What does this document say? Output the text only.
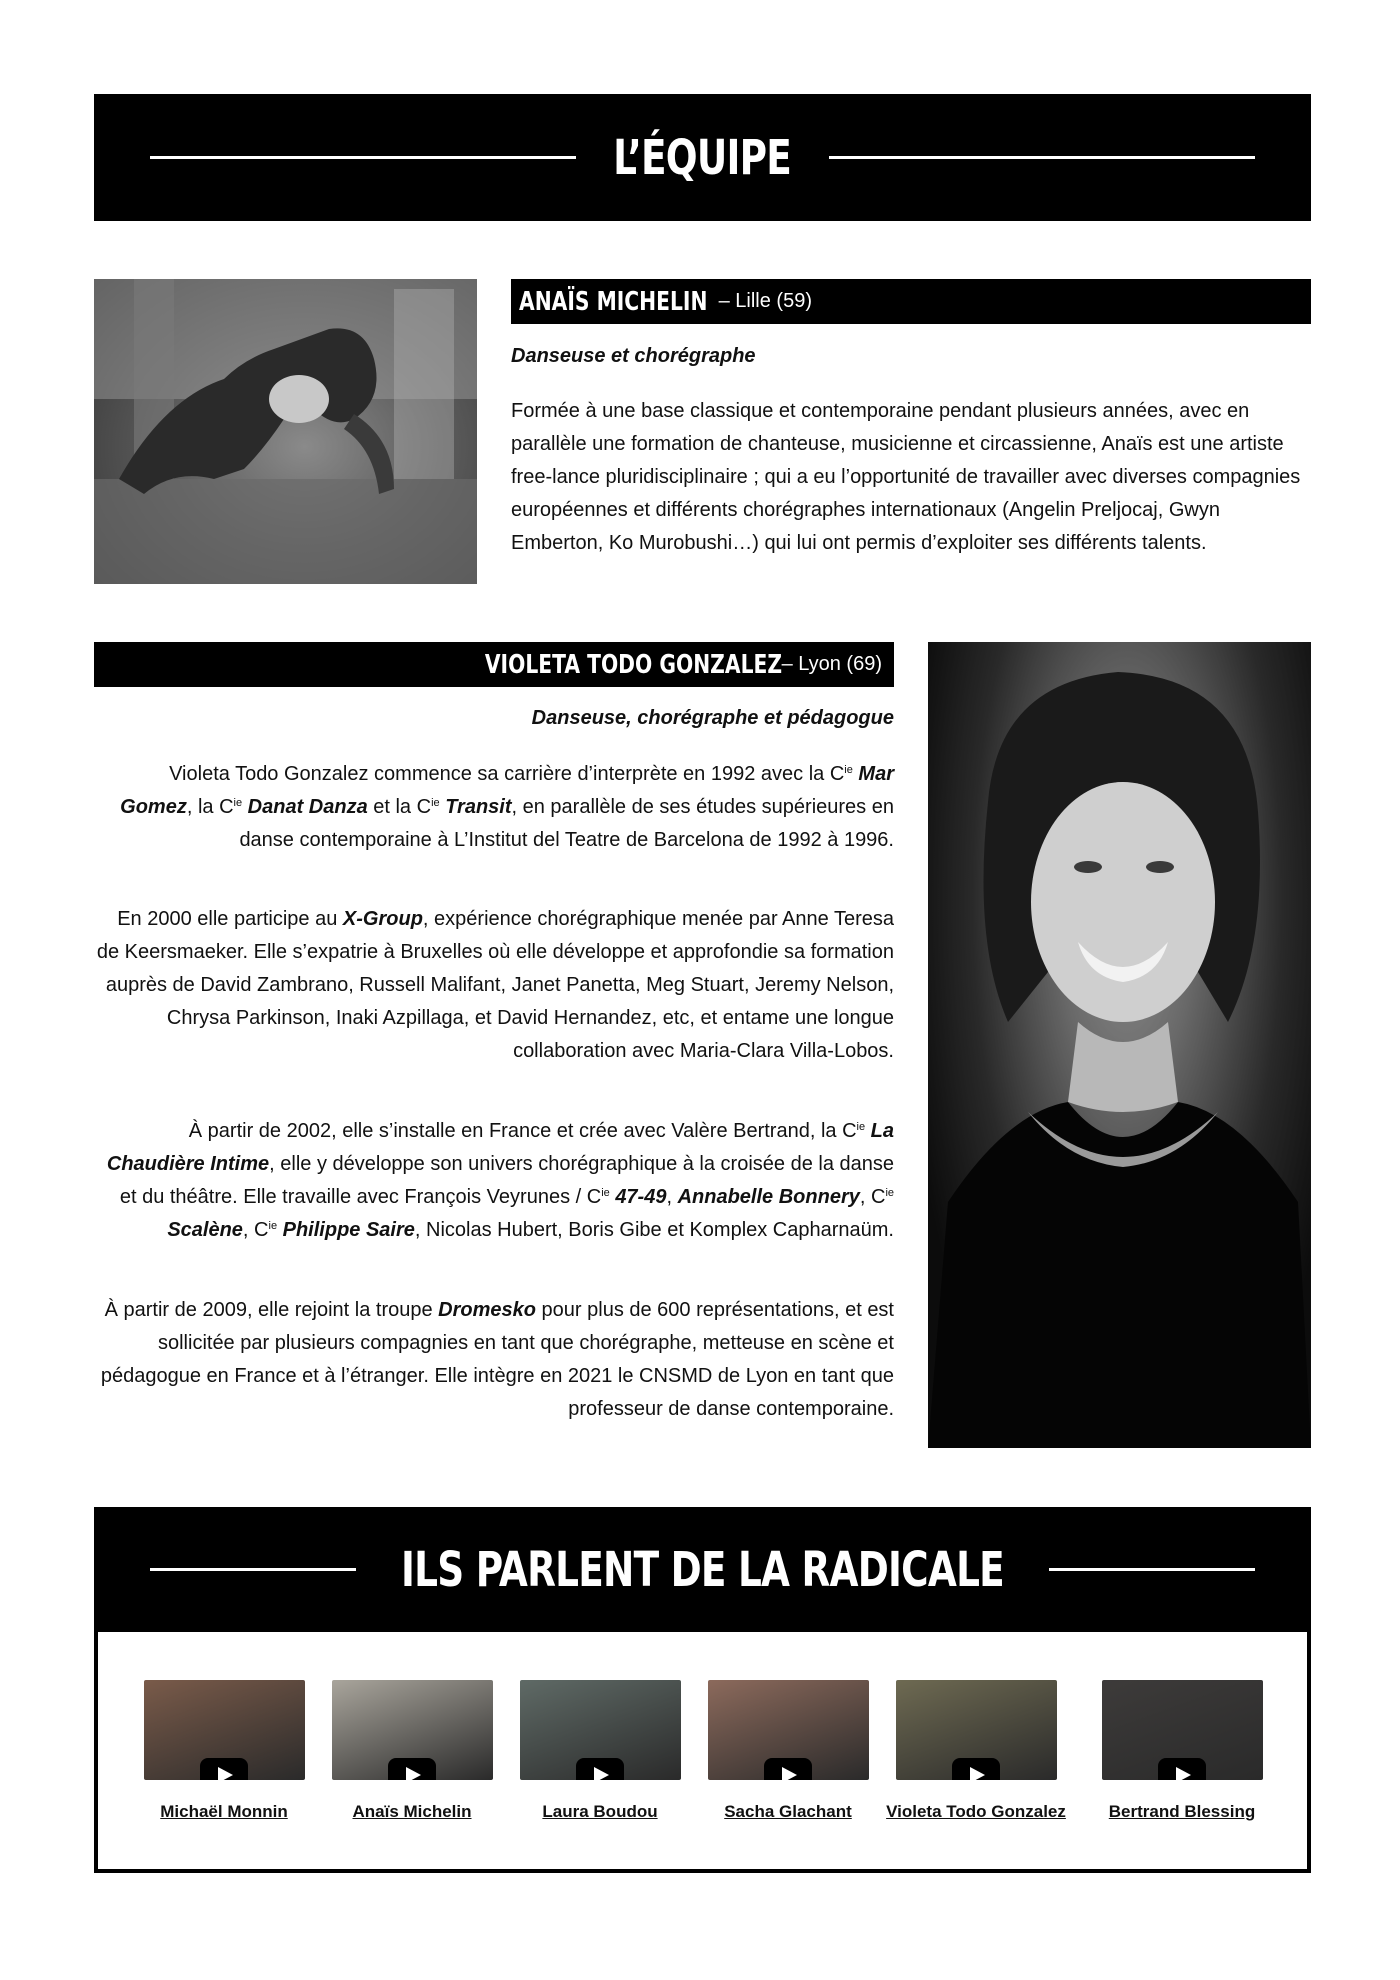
L’ÉQUIPE
ANAÏS MICHELIN – Lille (59)
Danseuse et chorégraphe
Formée à une base classique et contemporaine pendant plusieurs années, avec en parallèle une formation de chanteuse, musicienne et circassienne, Anaïs est une artiste free-lance pluridisciplinaire ; qui a eu l’opportunité de travailler avec diverses compagnies européennes et différents chorégraphes internationaux (Angelin Preljocaj, Gwyn Emberton, Ko Murobushi…) qui lui ont permis d’exploiter ses différents talents.
VIOLETA TODO GONZALEZ – Lyon (69)
Danseuse, chorégraphe et pédagogue

Violeta Todo Gonzalez commence sa carrière d’interprète en 1992 avec la $C^{ie}$ Mar Gomez, la $C^{ie}$ Danat Danza et la $C^{ie}$ Transit, en parallèle de ses études supérieures en danse contemporaine à L’Institut del Teatre de Barcelona de 1992 à 1996.

En 2000 elle participe au X-Group, expérience chorégraphique menée par Anne Teresa de Keersmaeker. Elle s’expatrie à Bruxelles où elle développe et approfondie sa formation auprès de David Zambrano, Russell Malifant, Janet Panetta, Meg Stuart, Jeremy Nelson, Chrysa Parkinson, Inaki Azpillaga, et David Hernandez, etc, et entame une longue collaboration avec Maria-Clara Villa-Lobos.

À partir de 2002, elle s’installe en France et crée avec Valère Bertrand, la $C^{ie}$ La Chaudière Intime, elle y développe son univers chorégraphique à la croisée de la danse et du théâtre. Elle travaille avec François Veyrunes / $C^{ie}$ 47-49, Annabelle Bonnery, $C^{ie}$ Scalène, $C^{ie}$ Philippe Saire, Nicolas Hubert, Boris Gibe et Komplex Capharnaüm.

À partir de 2009, elle rejoint la troupe Dromesko pour plus de 600 représentations, et est sollicitée par plusieurs compagnies en tant que chorégraphe, metteuse en scène et pédagogue en France et à l’étranger. Elle intègre en 2021 le CNSMD de Lyon en tant que professeur de danse contemporaine.

ILS PARLENT DE LA RADICALE
Michaël Monnin	Anaïs Michelin	Laura Boudou	Sacha Glachant	Violeta Todo Gonzalez	Bertrand Blessing
